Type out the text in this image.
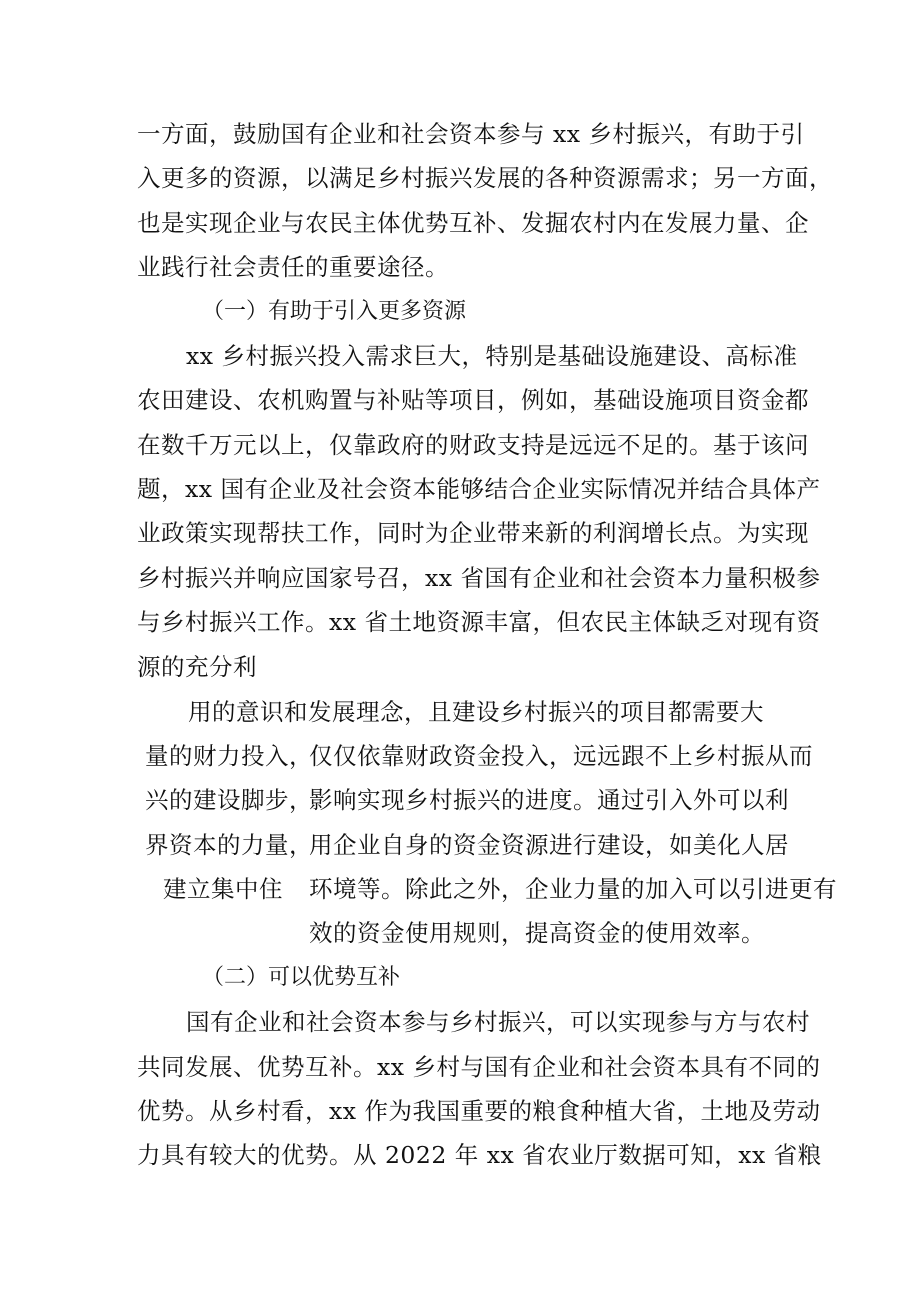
一方面，鼓励国有企业和社会资本参与 xx 乡村振兴，有助于引
入更多的资源，以满足乡村振兴发展的各种资源需求；另一方面，
也是实现企业与农民主体优势互补、发掘农村内在发展力量、企
业践行社会责任的重要途径。
（一）有助于引入更多资源
xx 乡村振兴投入需求巨大，特别是基础设施建设、高标准
农田建设、农机购置与补贴等项目，例如，基础设施项目资金都
在数千万元以上，仅靠政府的财政支持是远远不足的。基于该问
题，xx 国有企业及社会资本能够结合企业实际情况并结合具体产
业政策实现帮扶工作，同时为企业带来新的利润增长点。为实现
乡村振兴并响应国家号召，xx 省国有企业和社会资本力量积极参
与乡村振兴工作。xx 省土地资源丰富，但农民主体缺乏对现有资
源的充分利
用的意识和发展理念，且建设乡村振兴的项目都需要大
量的财力投入，
兴的建设脚步，
界资本的力量，
建立集中住
仅仅依靠财政资金投入，远远跟不上乡村振从而
影响实现乡村振兴的进度。通过引入外可以利
用企业自身的资金资源进行建设，如美化人居
环境等。除此之外，企业力量的加入可以引进更有
效的资金使用规则，提高资金的使用效率。
（二）可以优势互补
国有企业和社会资本参与乡村振兴，可以实现参与方与农村
共同发展、优势互补。xx 乡村与国有企业和社会资本具有不同的
优势。从乡村看，xx 作为我国重要的粮食种植大省，土地及劳动
力具有较大的优势。从 2022 年 xx 省农业厅数据可知，xx 省粮
